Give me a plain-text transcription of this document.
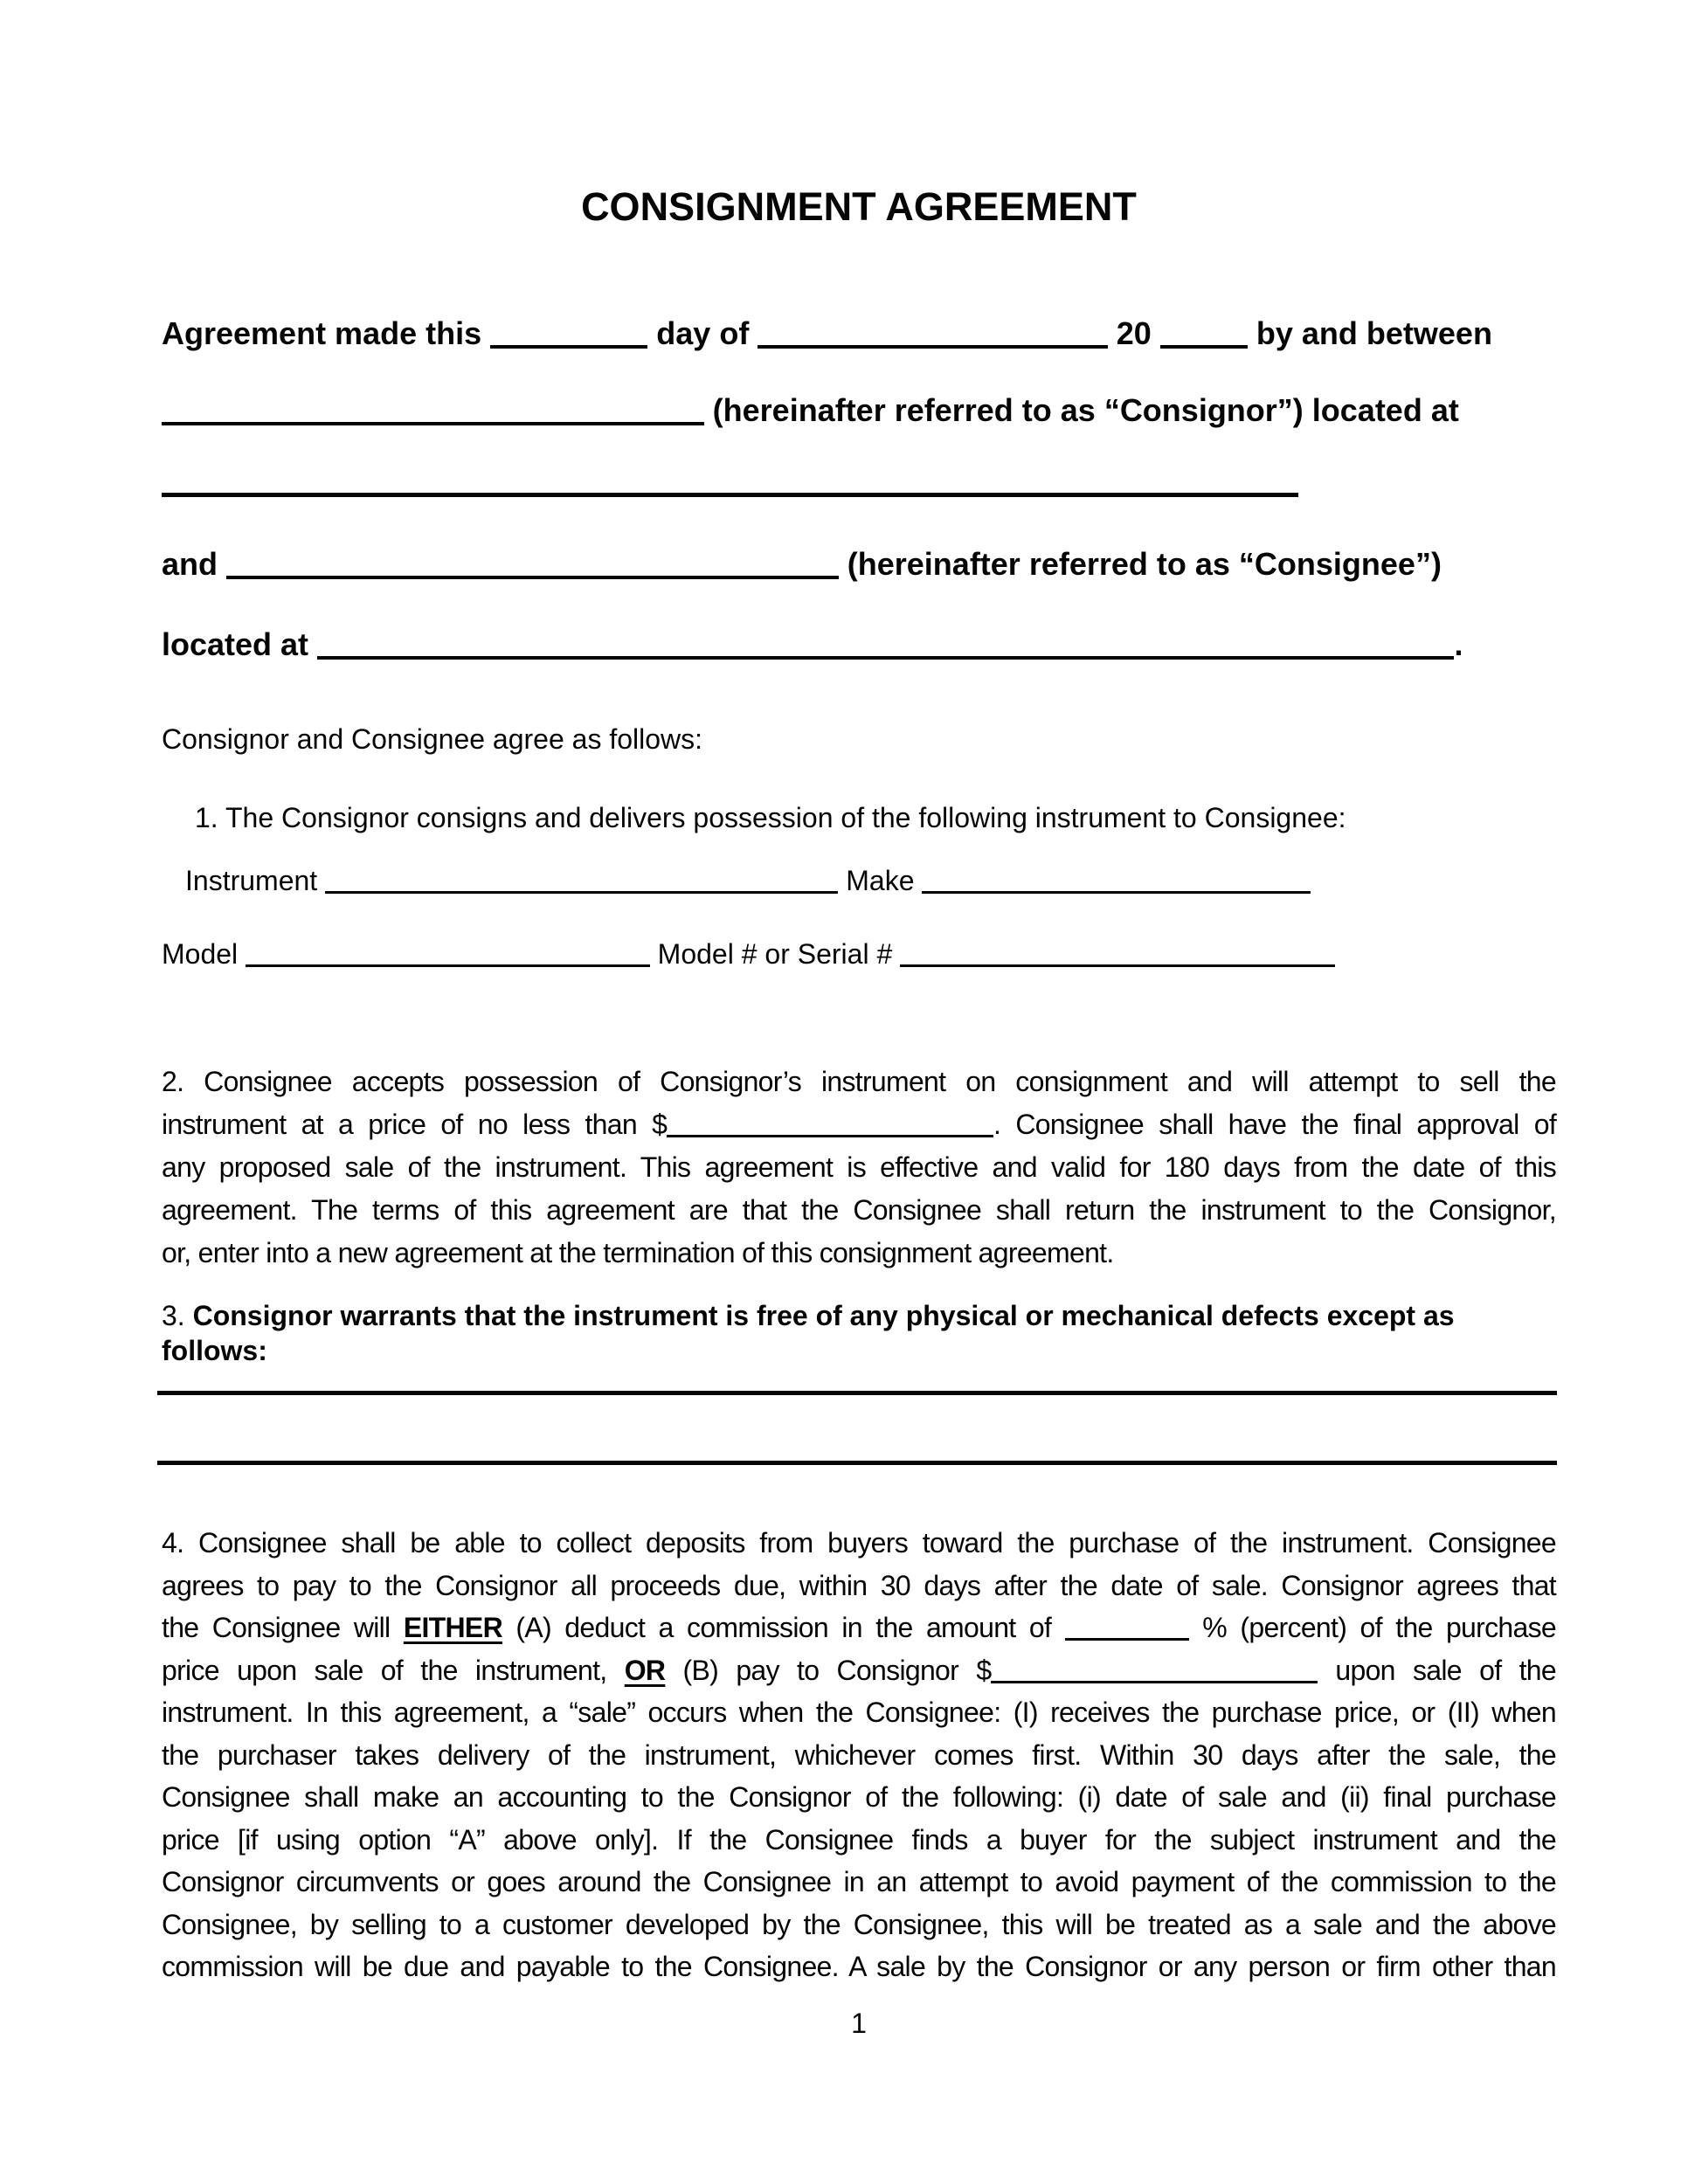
CONSIGNMENT AGREEMENT
Agreement made this	day of	20	by and between
(hereinafter referred to as “Consignor”) located at
and	(hereinafter referred to as “Consignee”)
located at	.
Consignor and Consignee agree as follows:
1. The Consignor consigns and delivers possession of the following instrument to Consignee:
Instrument	Make
Model	Model # or Serial #
2. Consignee accepts possession of Consignor’s instrument on consignment and will attempt to sell the
instrument at a price of no less than $	. Consignee shall have the final approval of
any proposed sale of the instrument. This agreement is effective and valid for 180 days from the date of this
agreement. The terms of this agreement are that the Consignee shall return the instrument to the Consignor,
or, enter into a new agreement at the termination of this consignment agreement.
3. Consignor warrants that the instrument is free of any physical or mechanical defects except as follows:
4. Consignee shall be able to collect deposits from buyers toward the purchase of the instrument. Consignee
agrees to pay to the Consignor all proceeds due, within 30 days after the date of sale. Consignor agrees that
the Consignee will EITHER (A) deduct a commission in the amount of	% (percent) of the purchase
price upon sale of the instrument, OR (B) pay to Consignor $	upon sale of the
instrument. In this agreement, a “sale” occurs when the Consignee: (I) receives the purchase price, or (II) when
the purchaser takes delivery of the instrument, whichever comes first. Within 30 days after the sale, the
Consignee shall make an accounting to the Consignor of the following: (i) date of sale and (ii) final purchase
price [if using option “A” above only]. If the Consignee finds a buyer for the subject instrument and the
Consignor circumvents or goes around the Consignee in an attempt to avoid payment of the commission to the
Consignee, by selling to a customer developed by the Consignee, this will be treated as a sale and the above
commission will be due and payable to the Consignee. A sale by the Consignor or any person or firm other than
1
